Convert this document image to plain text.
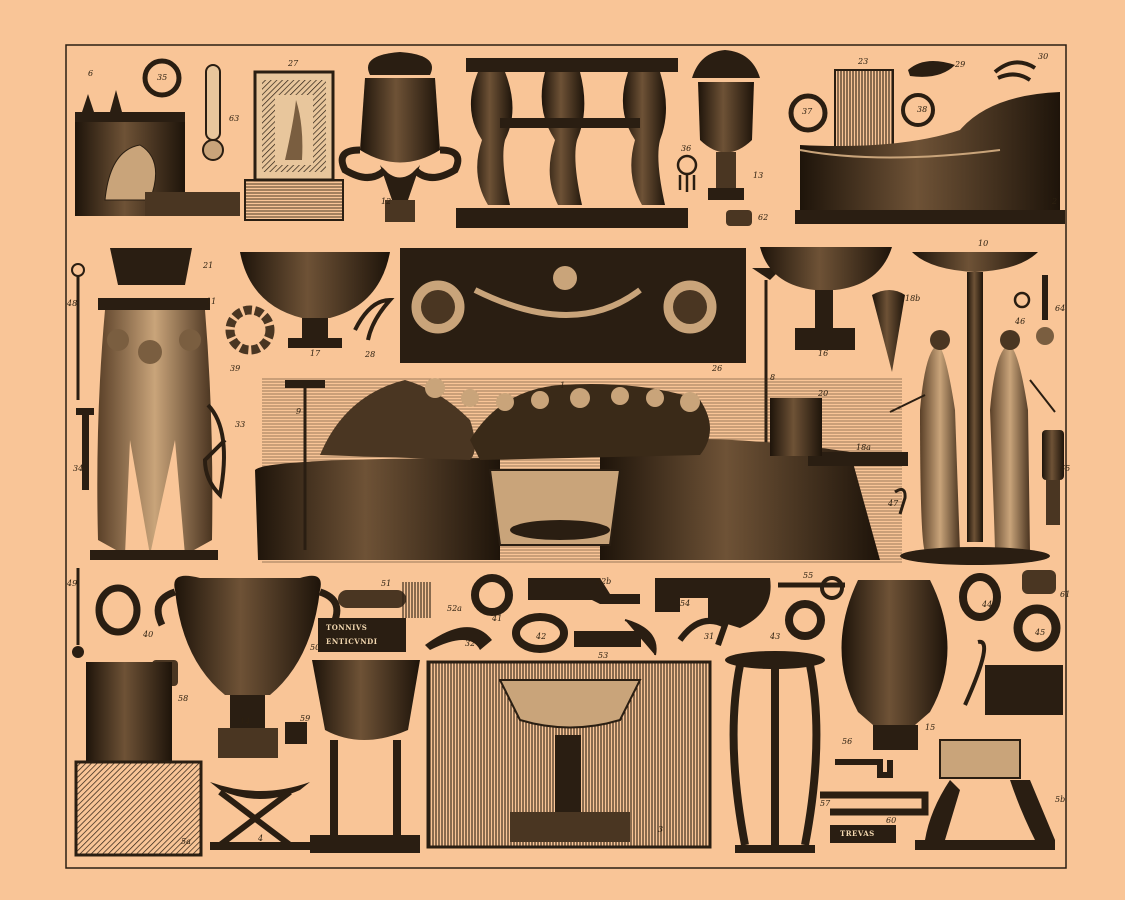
6	35
63
27
12
7
13
36
62
23	29
30
37	38
2
48
21
17
26
16
10
18b
46
64
11
39
28
1
9
8
20
18a
33
34
47
65
49
40
14
58
51
52a
41
52b
54
55
42	43
53
31
32
50
59
44
45
61
15
56
57
60
3
5a
5b
4
TONNIVS
ENTICVNDI
TREVAS
